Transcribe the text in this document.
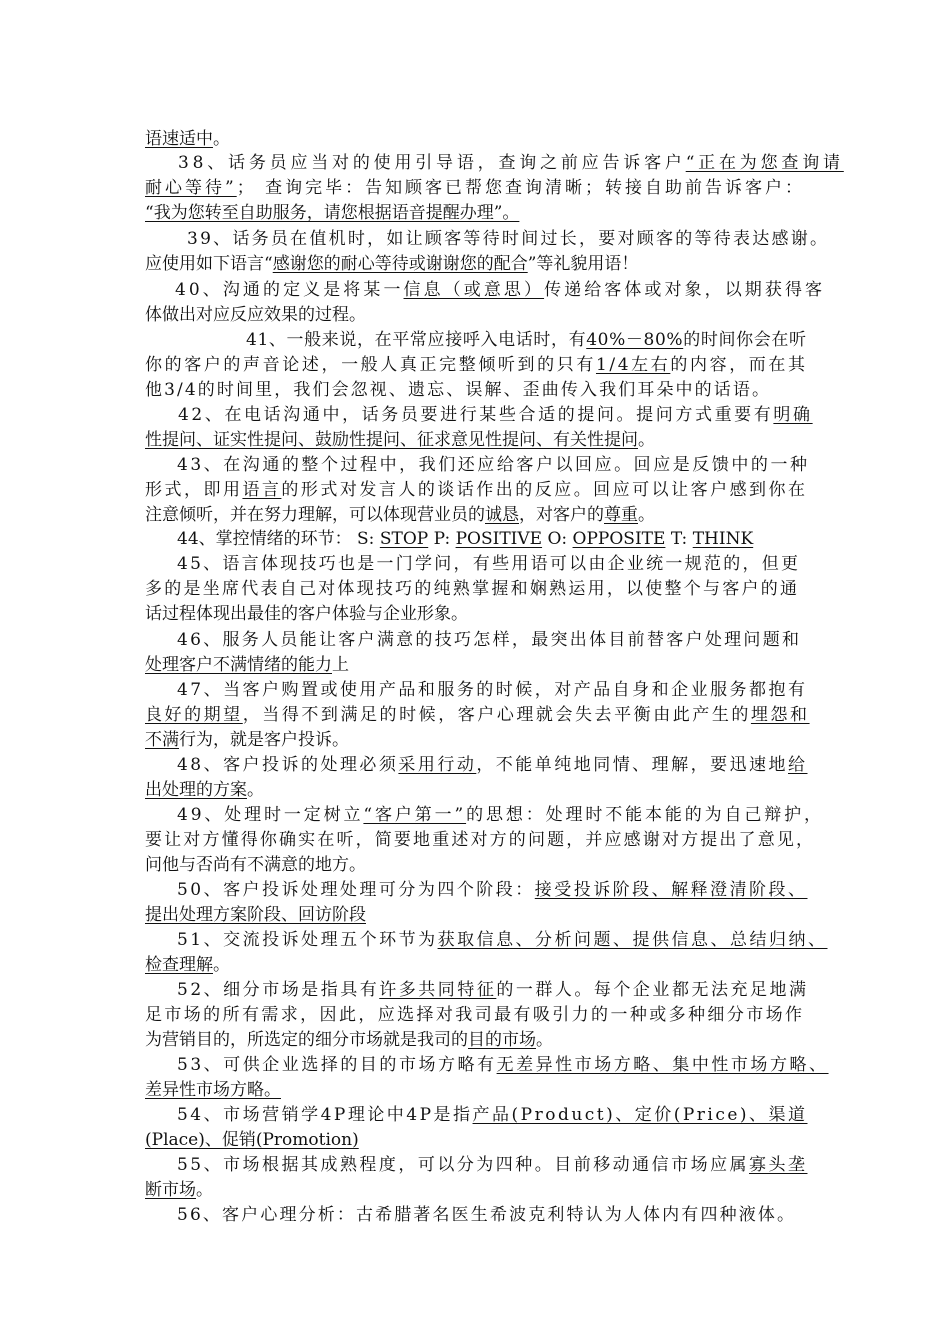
语速适中。
38、话务员应当对的使用引导语，查询之前应告诉客户“正在为您查询请
耐心等待”； 查询完毕：告知顾客已帮您查询清晰；转接自助前告诉客户：
“我为您转至自助服务，请您根据语音提醒办理”。
39、话务员在值机时，如让顾客等待时间过长，要对顾客的等待表达感谢。
应使用如下语言“感谢您的耐心等待或谢谢您的配合”等礼貌用语！
40、沟通的定义是将某一信息（或意思）传递给客体或对象，以期获得客
体做出对应反应效果的过程。
41、一般来说，在平常应接呼入电话时，有40%－80%的时间你会在听
你的客户的声音论述，一般人真正完整倾听到的只有1/4左右的内容，而在其
他3/4的时间里，我们会忽视、遗忘、误解、歪曲传入我们耳朵中的话语。
42、在电话沟通中，话务员要进行某些合适的提问。提问方式重要有明确
性提问、证实性提问、鼓励性提问、征求意见性提问、有关性提问。
43、在沟通的整个过程中，我们还应给客户以回应。回应是反馈中的一种
形式，即用语言的形式对发言人的谈话作出的反应。回应可以让客户感到你在
注意倾听，并在努力理解，可以体现营业员的诚恳，对客户的尊重。
44、掌控情绪的环节： S: STOP P: POSITIVE O: OPPOSITE T: THINK
45、语言体现技巧也是一门学问，有些用语可以由企业统一规范的，但更
多的是坐席代表自己对体现技巧的纯熟掌握和娴熟运用，以使整个与客户的通
话过程体现出最佳的客户体验与企业形象。
46、服务人员能让客户满意的技巧怎样，最突出体目前替客户处理问题和
处理客户不满情绪的能力上
47、当客户购置或使用产品和服务的时候，对产品自身和企业服务都抱有
良好的期望，当得不到满足的时候，客户心理就会失去平衡由此产生的埋怨和
不满行为，就是客户投诉。
48、客户投诉的处理必须采用行动，不能单纯地同情、理解，要迅速地给
出处理的方案。
49、处理时一定树立“客户第一”的思想：处理时不能本能的为自己辩护，
要让对方懂得你确实在听，简要地重述对方的问题，并应感谢对方提出了意见，
问他与否尚有不满意的地方。
50、客户投诉处理处理可分为四个阶段：接受投诉阶段、解释澄清阶段、
提出处理方案阶段、回访阶段
51、交流投诉处理五个环节为获取信息、分析问题、提供信息、总结归纳、
检查理解。
52、细分市场是指具有许多共同特征的一群人。每个企业都无法充足地满
足市场的所有需求，因此，应选择对我司最有吸引力的一种或多种细分市场作
为营销目的，所选定的细分市场就是我司的目的市场。
53、可供企业选择的目的市场方略有无差异性市场方略、集中性市场方略、
差异性市场方略。
54、市场营销学4P理论中4P是指产品(Product)、定价(Price)、渠道
(Place)、促销(Promotion)
55、市场根据其成熟程度，可以分为四种。目前移动通信市场应属寡头垄
断市场。
56、客户心理分析：古希腊著名医生希波克利特认为人体内有四种液体。
